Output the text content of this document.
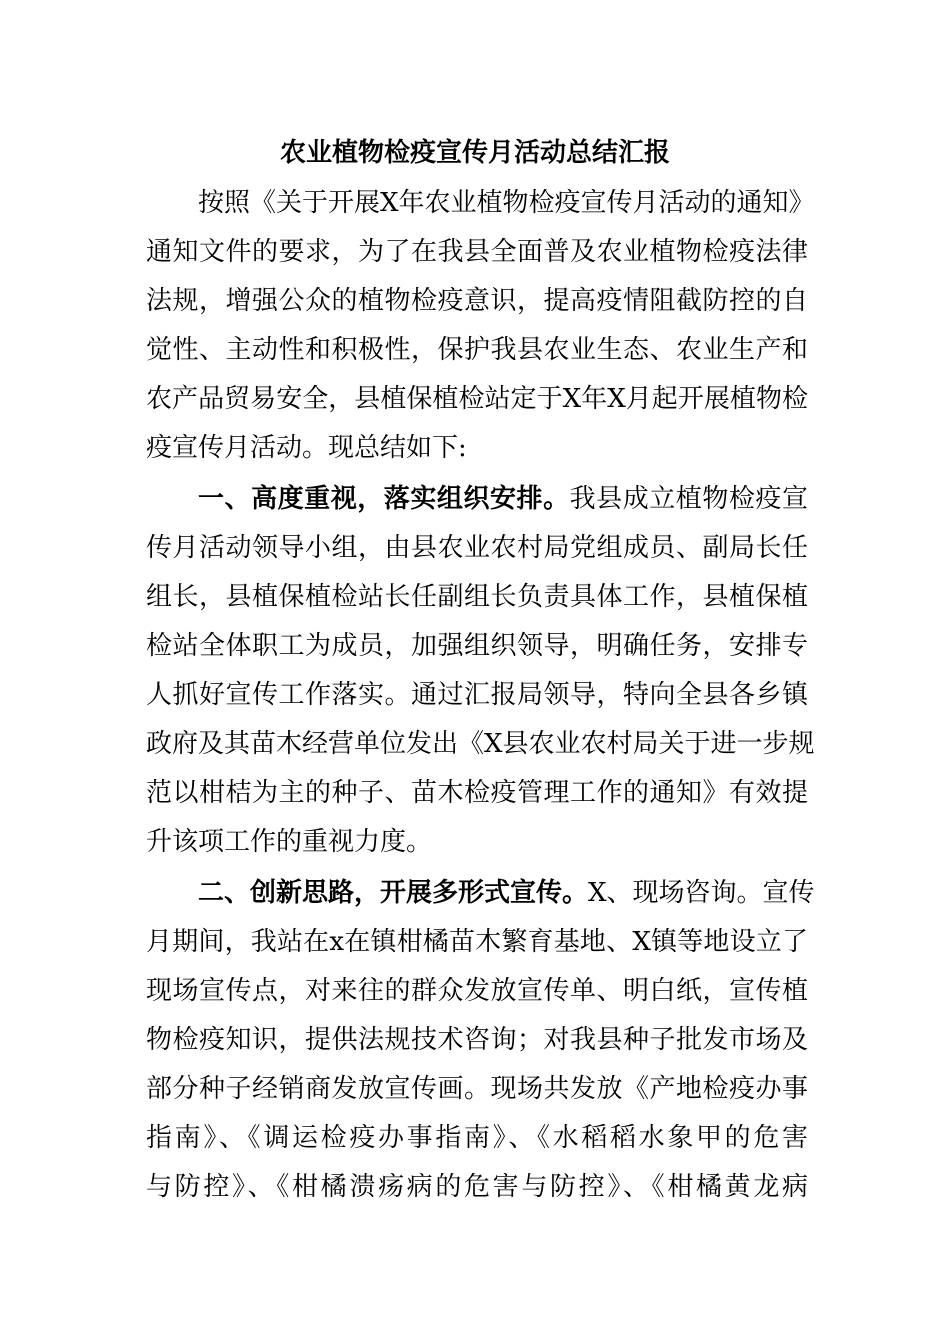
农业植物检疫宣传月活动总结汇报
按照《关于开展X年农业植物检疫宣传月活动的通知》
通知文件的要求，为了在我县全面普及农业植物检疫法律
法规，增强公众的植物检疫意识，提高疫情阻截防控的自
觉性、主动性和积极性，保护我县农业生态、农业生产和
农产品贸易安全，县植保植检站定于X年X月起开展植物检
疫宣传月活动。现总结如下:
一、高度重视，落实组织安排。我县成立植物检疫宣
传月活动领导小组，由县农业农村局党组成员、副局长任
组长，县植保植检站长任副组长负责具体工作，县植保植
检站全体职工为成员，加强组织领导，明确任务，安排专
人抓好宣传工作落实。通过汇报局领导，特向全县各乡镇
政府及其苗木经营单位发出《X县农业农村局关于进一步规
范以柑桔为主的种子、苗木检疫管理工作的通知》有效提
升该项工作的重视力度。
二、创新思路，开展多形式宣传。X、现场咨询。宣传
月期间，我站在x在镇柑橘苗木繁育基地、X镇等地设立了
现场宣传点，对来往的群众发放宣传单、明白纸，宣传植
物检疫知识，提供法规技术咨询；对我县种子批发市场及
部分种子经销商发放宣传画。现场共发放《产地检疫办事
指南》、《调运检疫办事指南》、《水稻稻水象甲的危害
与防控》、《柑橘溃疡病的危害与防控》、《柑橘黄龙病
